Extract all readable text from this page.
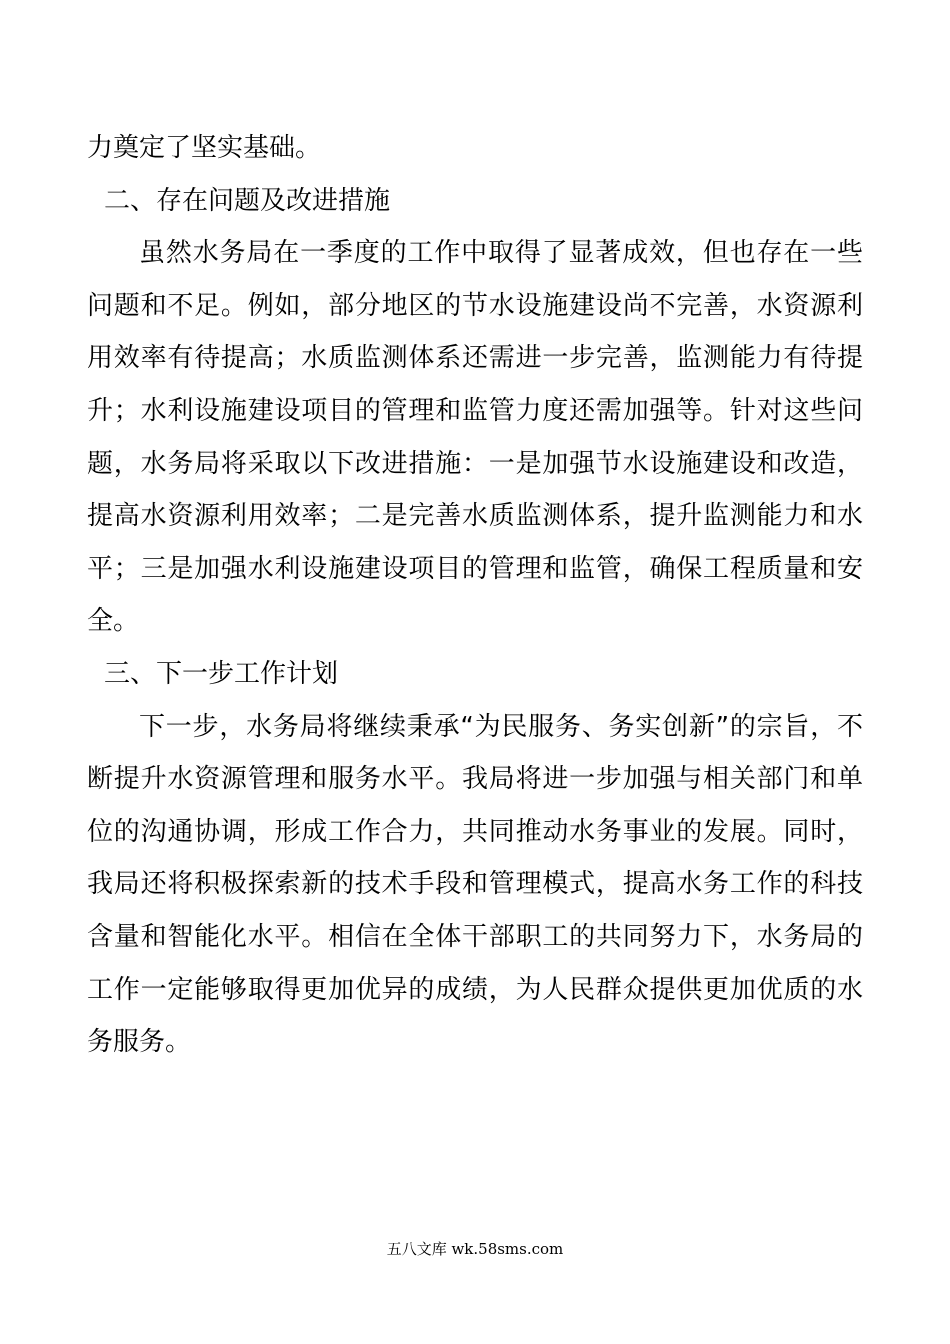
力奠定了坚实基础。

二、存在问题及改进措施

虽然水务局在一季度的工作中取得了显著成效，但也存在一些问题和不足。例如，部分地区的节水设施建设尚不完善，水资源利用效率有待提高；水质监测体系还需进一步完善，监测能力有待提升；水利设施建设项目的管理和监管力度还需加强等。针对这些问题，水务局将采取以下改进措施：一是加强节水设施建设和改造，提高水资源利用效率；二是完善水质监测体系，提升监测能力和水平；三是加强水利设施建设项目的管理和监管，确保工程质量和安全。

三、下一步工作计划

下一步，水务局将继续秉承“为民服务、务实创新”的宗旨，不断提升水资源管理和服务水平。我局将进一步加强与相关部门和单位的沟通协调，形成工作合力，共同推动水务事业的发展。同时，我局还将积极探索新的技术手段和管理模式，提高水务工作的科技含量和智能化水平。相信在全体干部职工的共同努力下，水务局的工作一定能够取得更加优异的成绩，为人民群众提供更加优质的水务服务。

五八文库 wk.58sms.com
